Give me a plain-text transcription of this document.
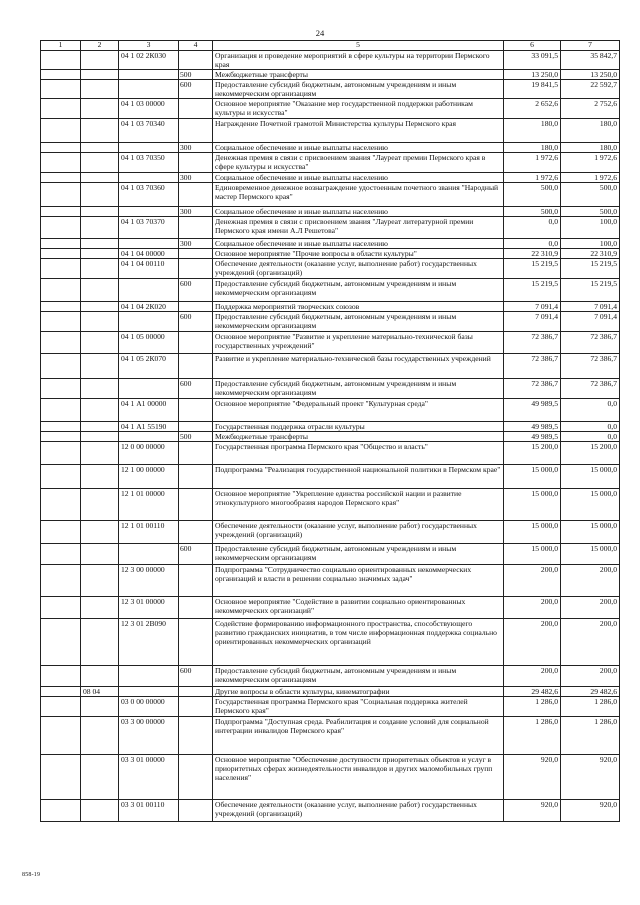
24
1	2	3	4	5	6	7
		04 1 02 2К030		Организация и проведение мероприятий в сфере культуры на территории Пермского края	33 091,5	35 842,7
			500	Межбюджетные трансферты	13 250,0	13 250,0
			600	Предоставление субсидий бюджетным, автономным учреждениям и иным некоммерческим организациям	19 841,5	22 592,7
		04 1 03 00000		Основное мероприятие "Оказание мер государственной поддержки работникам культуры и искусства"	2 652,6	2 752,6
		04 1 03 70340		Награждение Почетной грамотой Министерства культуры Пермского края	180,0	180,0
			300	Социальное обеспечение и иные выплаты населению	180,0	180,0
		04 1 03 70350		Денежная премия в связи с присвоением звания "Лауреат премии Пермского края в сфере культуры и искусства"	1 972,6	1 972,6
			300	Социальное обеспечение и иные выплаты населению	1 972,6	1 972,6
		04 1 03 70360		Единовременное денежное вознаграждение удостоенным почетного звания "Народный мастер Пермского края"	500,0	500,0
			300	Социальное обеспечение и иные выплаты населению	500,0	500,0
		04 1 03 70370		Денежная премия в связи с присвоением звания "Лауреат литературной премии Пермского края имени А.Л Решетова"	0,0	100,0
			300	Социальное обеспечение и иные выплаты населению	0,0	100,0
		04 1 04 00000		Основное мероприятие "Прочие вопросы в области культуры"	22 310,9	22 310,9
		04 1 04 00110		Обеспечение деятельности (оказание услуг, выполнение работ) государственных учреждений (организаций)	15 219,5	15 219,5
			600	Предоставление субсидий бюджетным, автономным учреждениям и иным некоммерческим организациям	15 219,5	15 219,5
		04 1 04 2К020		Поддержка мероприятий творческих союзов	7 091,4	7 091,4
			600	Предоставление субсидий бюджетным, автономным учреждениям и иным некоммерческим организациям	7 091,4	7 091,4
		04 1 05 00000		Основное мероприятие "Развитие и укрепление материально-технической базы государственных учреждений"	72 386,7	72 386,7
		04 1 05 2К070		Развитие и укрепление материально-технической базы государственных учреждений	72 386,7	72 386,7
			600	Предоставление субсидий бюджетным, автономным учреждениям и иным некоммерческим организациям	72 386,7	72 386,7
		04 1 А1 00000		Основное мероприятие "Федеральный проект "Культурная среда"	49 989,5	0,0
		04 1 А1 55190		Государственная поддержка отрасли культуры	49 989,5	0,0
			500	Межбюджетные трансферты	49 989,5	0,0
		12 0 00 00000		Государственная программа Пермского края "Общество и власть"	15 200,0	15 200,0
		12 1 00 00000		Подпрограмма "Реализация государственной национальной политики в Пермском крае"	15 000,0	15 000,0
		12 1 01 00000		Основное мероприятие "Укрепление единства российской нации и развитие этнокультурного многообразия народов Пермского края"	15 000,0	15 000,0
		12 1 01 00110		Обеспечение деятельности (оказание услуг, выполнение работ) государственных учреждений (организаций)	15 000,0	15 000,0
			600	Предоставление субсидий бюджетным, автономным учреждениям и иным некоммерческим организациям	15 000,0	15 000,0
		12 3 00 00000		Подпрограмма "Сотрудничество социально ориентированных некоммерческих организаций и власти в решении социально значимых задач"	200,0	200,0
		12 3 01 00000		Основное мероприятие "Содействие в развитии социально ориентированных некоммерческих организаций"	200,0	200,0
		12 3 01 2В090		Содействие формированию информационного пространства, способствующего развитию гражданских инициатив, в том числе информационная поддержка социально ориентированных некоммерческих организаций	200,0	200,0
			600	Предоставление субсидий бюджетным, автономным учреждениям и иным некоммерческим организациям	200,0	200,0
	08 04			Другие вопросы в области культуры, кинематографии	29 482,6	29 482,6
		03 0 00 00000		Государственная программа Пермского края "Социальная поддержка жителей Пермского края"	1 286,0	1 286,0
		03 3 00 00000		Подпрограмма "Доступная среда. Реабилитация и создание условий для социальной интеграции инвалидов Пермского края"	1 286,0	1 286,0
		03 3 01 00000		Основное мероприятие "Обеспечение доступности приоритетных объектов и услуг в приоритетных сферах жизнедеятельности инвалидов и других маломобильных групп населения"	920,0	920,0
		03 3 01 00110		Обеспечение деятельности (оказание услуг, выполнение работ) государственных учреждений (организаций)	920,0	920,0
858-19
